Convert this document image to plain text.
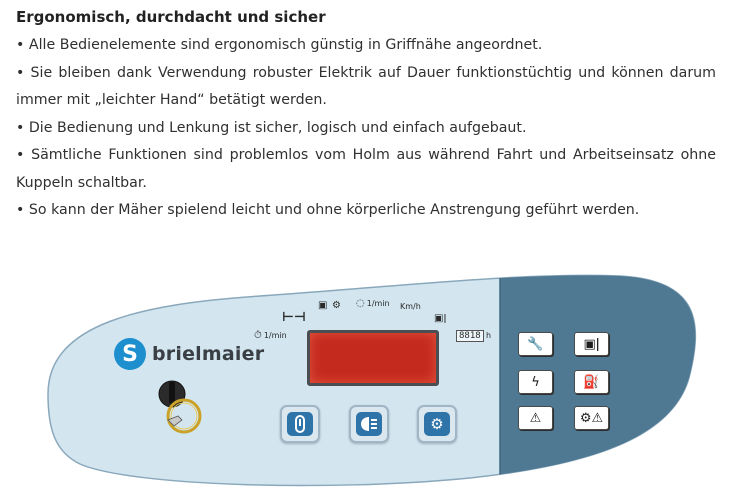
Ergonomisch, durchdacht und sicher

• Alle Bedienelemente sind ergonomisch günstig in Griffnähe angeordnet.

• Sie bleiben dank Verwendung robuster Elektrik auf Dauer funktionstüchtig und können darum immer mit „leichter Hand“ betätigt werden.

• Die Bedienung und Lenkung ist sicher, logisch und einfach aufgebaut.

• Sämtliche Funktionen sind problemlos vom Holm aus während Fahrt und Arbeitseinsatz ohne Kuppeln schaltbar.

• So kann der Mäher spielend leicht und ohne körperliche Anstrengung geführt werden.

S brielmaier
⊢⊣
▣ ⚙ ◌ 1/min Km/h
⏱ 1/min
▣ǀ
8818 h
⚙
🔧	▣ǀ
ϟ	⛽
⚠	⚙⚠
